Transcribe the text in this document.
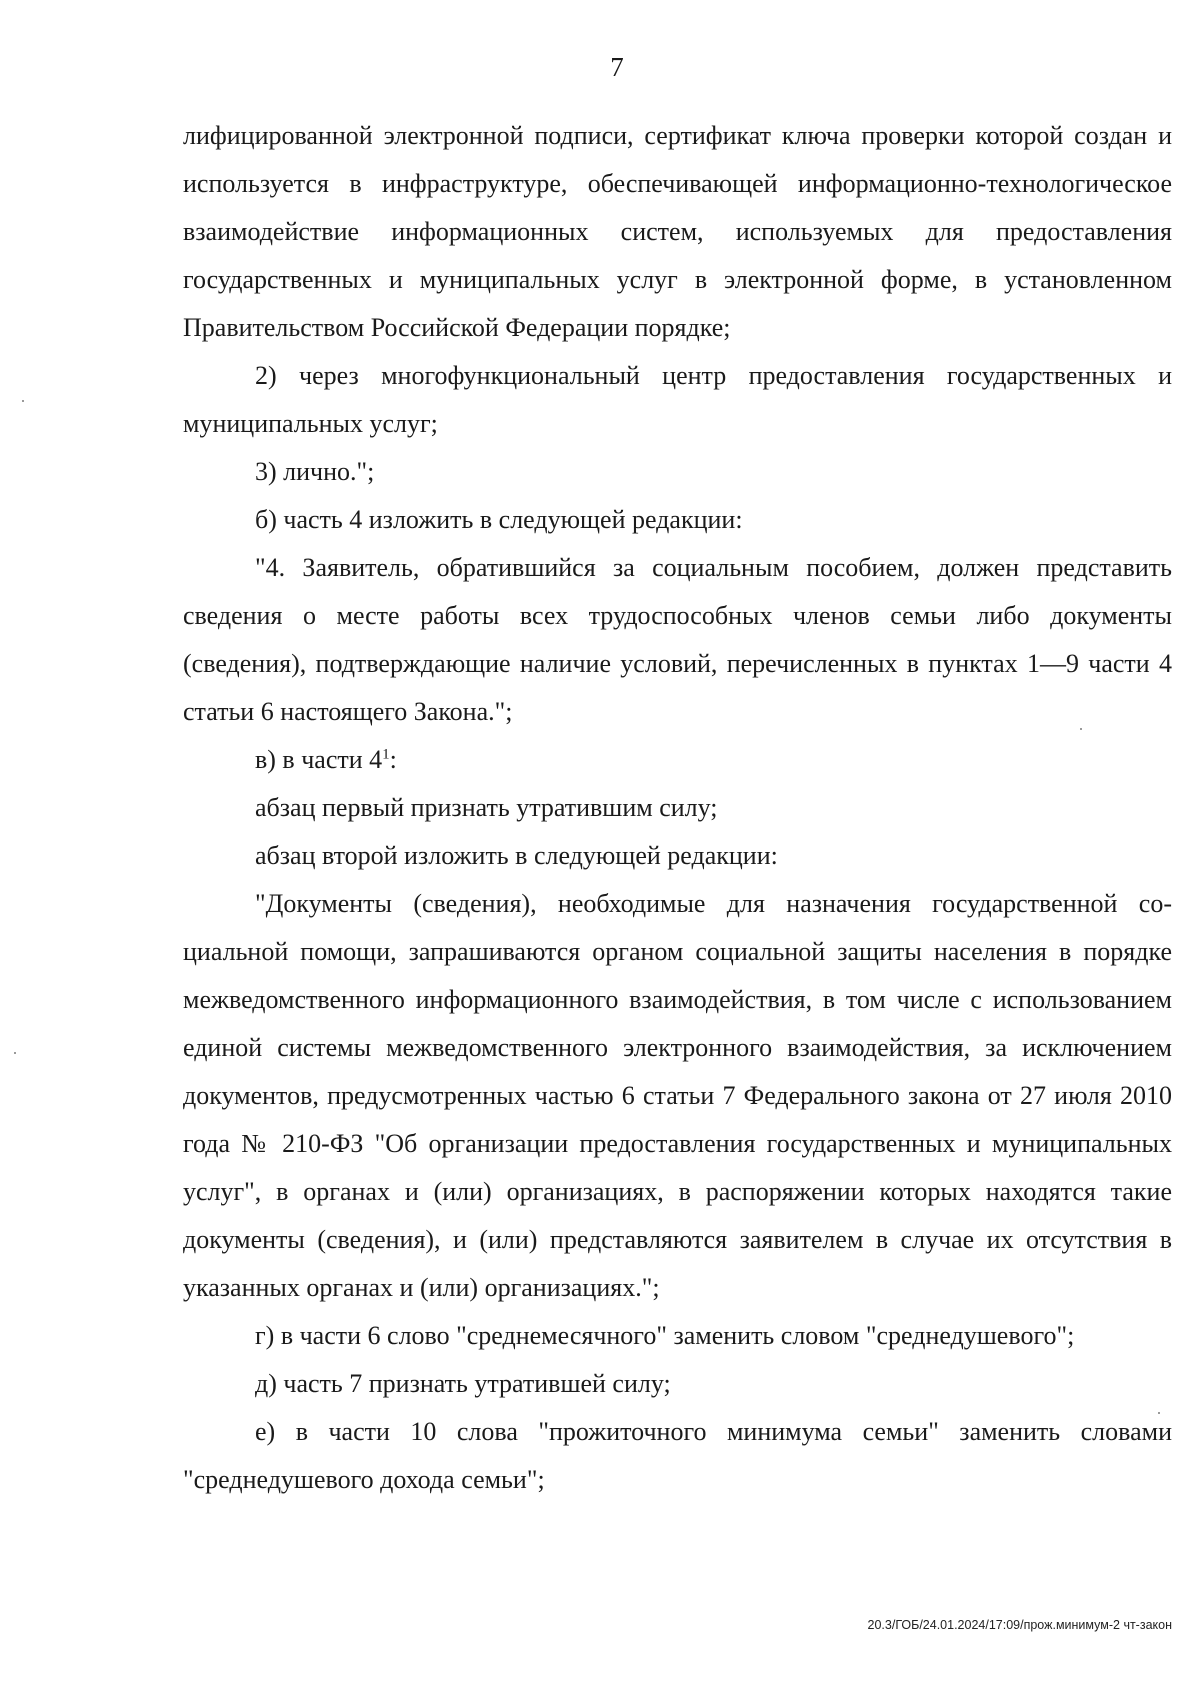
7

лифицированной электронной подписи, сертификат ключа проверки которой создан и используется в инфраструктуре, обеспечивающей информационно-технологическое взаимодействие информационных систем, используемых для предоставления государственных и муниципальных услуг в электронной форме, в установленном Правительством Российской Федерации порядке;

2) через многофункциональный центр предоставления государственных и муниципальных услуг;

3) лично.";

б) часть 4 изложить в следующей редакции:

"4. Заявитель, обратившийся за социальным пособием, должен представить сведения о месте работы всех трудоспособных членов семьи либо документы (сведения), подтверждающие наличие условий, перечисленных в пунктах 1—9 части 4 статьи 6 настоящего Закона.";

в) в части $4^1$:

абзац первый признать утратившим силу;

абзац второй изложить в следующей редакции:

"Документы (сведения), необходимые для назначения государственной социальной помощи, запрашиваются органом социальной защиты населения в порядке межведомственного информационного взаимодействия, в том числе с использованием единой системы межведомственного электронного взаимодействия, за исключением документов, предусмотренных частью 6 статьи 7 Федерального закона от 27 июля 2010 года № 210-ФЗ "Об организации предоставления государственных и муниципальных услуг", в органах и (или) организациях, в распоряжении которых находятся такие документы (сведения), и (или) представляются заявителем в случае их отсутствия в указанных органах и (или) организациях.";

г) в части 6 слово "среднемесячного" заменить словом "среднедушевого";

д) часть 7 признать утратившей силу;

е) в части 10 слова "прожиточного минимума семьи" заменить словами "среднедушевого дохода семьи";

20.3/ГОБ/24.01.2024/17:09/прож.минимум-2 чт-закон
